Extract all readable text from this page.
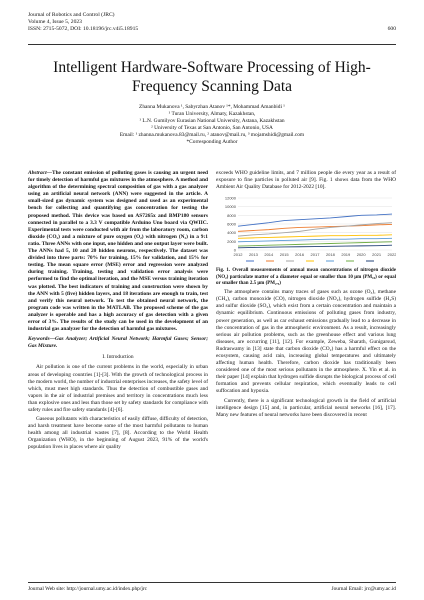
Journal of Robotics and Control (JRC)
Volume 4, Issue 5, 2023
ISSN: 2715-5072, DOI: 10.18196/jrc.v4i5.18915	600
Intelligent Hardware-Software Processing of High-Frequency Scanning Data
Zhanna Mukanova ¹, Sabyrzhan Atanov ¹*, Mohammad Amanbidi ¹
¹ Turan University, Almaty, Kazakhstan,
¹ L.N. Gumilyov Eurasian National University, Astana, Kazakhstan
² University of Texas at San Antonio, San Antonio, USA
Email: ¹ zhanna.mukanova.83@mail.ru, ² atanov@mail.ru, ³ mojamshidi@gmail.com
*Corresponding Author

Abstract—The constant emission of polluting gases is causing an urgent need for timely detection of harmful gas mixtures in the atmosphere. A method and algorithm of the determining spectral composition of gas with a gas analyzer using an artificial neural network (ANN) were suggested in the article. A small-sized gas dynamic system was designed and used as an experimental bench for collecting and quantifying gas concentration for testing the proposed method. This device was based on AS7265x and BMP180 sensors connected in parallel to a 3.3 V compatible Arduino Uno board via QWIIC. Experimental tests were conducted with air from the laboratory room, carbon dioxide (CO₂) and a mixture of pure oxygen (O₂) with nitrogen (N₂) in a 9:1 ratio. Three ANNs with one input, one hidden and one output layer were built. The ANNs had 5, 10 and 20 hidden neurons, respectively. The dataset was divided into three parts: 70% for training, 15% for validation, and 15% for testing. The mean square error (MSE) error and regression were analyzed during training. Training, testing and validation error analysis were performed to find the optimal iteration, and the MSE versus training iteration was plotted. The best indicators of training and construction were shown by the ANN with 5 (five) hidden layers, and 18 iterations are enough to train, test and verify this neural network. To test the obtained neural network, the program code was written in the MATLAB. The proposed scheme of the gas analyzer is operable and has a high accuracy of gas detection with a given error of 3%. The results of the study can be used in the development of an industrial gas analyzer for the detection of harmful gas mixtures.

Keywords—Gas Analyzer; Artificial Neural Network; Harmful Gases; Sensor; Gas Mixture.

I. Introduction

Air pollution is one of the current problems in the world, especially in urban areas of developing countries [1]-[3]. With the growth of technological process in the modern world, the number of industrial enterprises increases, the safety level of which, must meet high standards. Thus the detection of combustible gases and vapors in the air of industrial premises and territory in concentrations much less than explosive ones and less than those set by safety standards for compliance with safety rules and fire safety standards [4]-[6].

Gaseous pollutants with characteristics of easily diffuse, difficulty of detection, and harsh treatment have become some of the most harmful pollutants to human health among all industrial wastes [7], [8]. According to the World Health Organization (WHO), in the beginning of August 2023, 91% of the world's population lives in places where air quality

exceeds WHO guideline limits, and 7 million people die every year as a result of exposure to fine particles in polluted air [9]. Fig. 1 shows data from the WHO Ambient Air Quality Database for 2012-2022 [10].

0
2000
4000
6000
8000
10000
12000
2012 2013 2014 2015 2016 2017 2018 2019 2020 2021 2022

Fig. 1. Overall measurements of annual mean concentrations of nitrogen dioxide (NO₂) particulate matter of a diameter equal or smaller than 10 μm (PM₁₀) or equal or smaller than 2.5 μm (PM₂.₅)

The atmosphere contains many traces of gases such as ozone (O₃), methane (CH₄), carbon monoxide (CO), nitrogen dioxide (NO₂), hydrogen sulfide (H₂S) and sulfur dioxide (SO₂), which exist from a certain concentration and maintain a dynamic equilibrium. Continuous emissions of polluting gases from industry, power generation, as well as car exhaust emissions gradually lead to a decrease in the concentration of gas in the atmospheric environment. As a result, increasingly serious air pollution problems, such as the greenhouse effect and various lung diseases, are occurring [11], [12]. For example, Zeweba, Sharath, Gunigarsud, Rudraswamy in [13] state that carbon dioxide (CO₂) has a harmful effect on the ecosystem, causing acid rain, increasing global temperatures and ultimately affecting human health. Therefore, carbon dioxide has traditionally been considered one of the most serious pollutants in the atmosphere. X. Yin et al. in their paper [14] explain that hydrogen sulfide disrupts the biological process of cell formation and prevents cellular respiration, which eventually leads to cell suffocation and hypoxia.

Currently, there is a significant technological growth in the field of artificial intelligence design [15] and, in particular, artificial neural networks [16], [17]. Many new features of neural networks have been discovered in recent

Journal Web site: http://journal.umy.ac.id/index.php/jrc	Journal Email: jrc@umy.ac.id
